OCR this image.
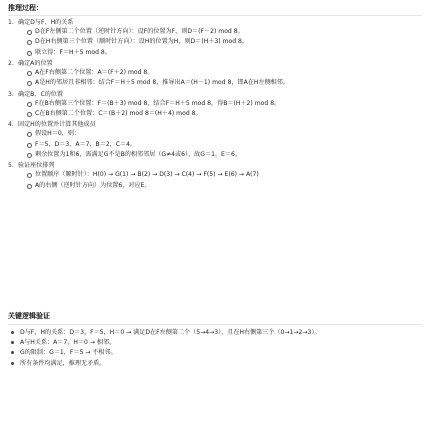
推理过程：
1. 确定D与F、H的关系
D在F左侧第二个位置（逆时针方向）：设F的位置为F，则D＝(F－2) mod 8。
D在H右侧第三个位置（顺时针方向）：设H的位置为H，则D＝(H＋3) mod 8。
联立得：F＝H＋5 mod 8。
2. 确定A的位置
A在F右侧第二个位置：A＝(F＋2) mod 8。
A是H的邻居且非相邻：结合F＝H＋5 mod 8，推导出A＝(H－1) mod 8，即A在H左侧相邻。
3. 确定B、C的位置
F在B右侧第三个位置：F＝(B＋3) mod 8，结合F＝H＋5 mod 8，得B＝(H＋2) mod 8。
C在B右侧第二个位置：C＝(B＋2) mod 8＝(H＋4) mod 8。
4. 固定H的位置并计算其他成员
假设H＝0，则：
F＝5，D＝3，A＝7，B＝2，C＝4。
剩余位置为1和6，需满足G不是B的相邻邻居（G≠4或6），故G＝1，E＝6。
5. 验证座位排列
位置顺序（顺时针）：H(0) → G(1) → B(2) → D(3) → C(4) → F(5) → E(6) → A(7)
A的右侧（逆时针方向）为位置6，对应E。
关键逻辑验证
D与F、H的关系：D＝3，F＝5，H＝0 → 满足D在F左侧第二个（5→4→3），且在H右侧第三个（0→1→2→3）。
A与H关系：A＝7，H＝0 → 相邻。
G的限制：G＝1，F＝5 → 不相邻。
所有条件均满足，推理无矛盾。
